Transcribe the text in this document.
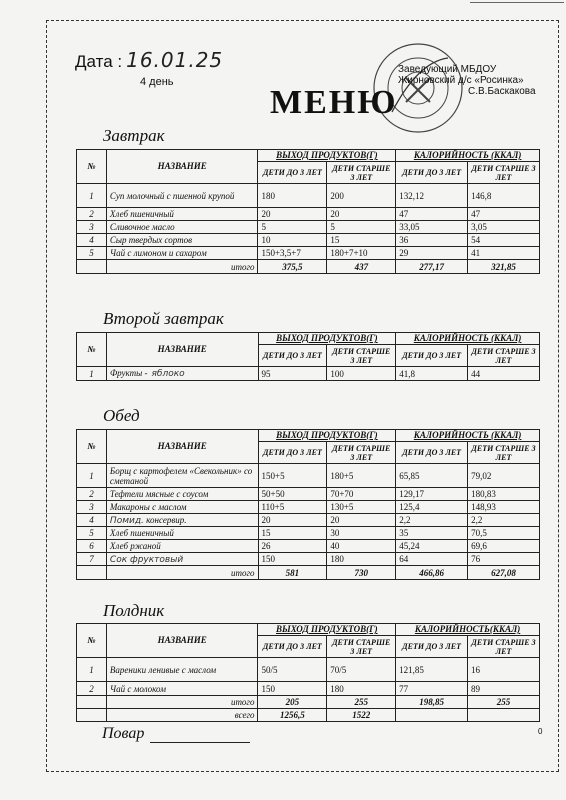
Дата : 16.01.25
4 день
МЕНЮ
Заведующий МБДОУ
Жирновский д/с «Росинка»
С.В.Баскакова
Завтрак
№	НАЗВАНИЕ	ВЫХОД ПРОДУКТОВ(Г)		КАЛОРИЙНОСТЬ (ККАЛ)	
		ДЕТИ ДО 3 ЛЕТ	ДЕТИ СТАРШЕ 3 ЛЕТ	ДЕТИ ДО 3 ЛЕТ	ДЕТИ СТАРШЕ 3 ЛЕТ
1	Суп молочный с пшенной крупой	180	200	132,12	146,8
2	Хлеб пшеничный	20	20	47	47
3	Сливочное масло	5	5	33,05	3,05
4	Сыр твердых сортов	10	15	36	54
5	Чай с лимоном и сахаром	150+3,5+7	180+7+10	29	41
	итого	375,5	437	277,17	321,85
Второй завтрак
№	НАЗВАНИЕ	ВЫХОД ПРОДУКТОВ(Г)		КАЛОРИЙНОСТЬ (ККАЛ)	
		ДЕТИ ДО 3 ЛЕТ	ДЕТИ СТАРШЕ 3 ЛЕТ	ДЕТИ ДО 3 ЛЕТ	ДЕТИ СТАРШЕ 3 ЛЕТ
1	Фрукты - яблоко	95	100	41,8	44
Обед
№	НАЗВАНИЕ	ВЫХОД ПРОДУКТОВ(Г)		КАЛОРИЙНОСТЬ (ККАЛ)	
		ДЕТИ ДО 3 ЛЕТ	ДЕТИ СТАРШЕ 3 ЛЕТ	ДЕТИ ДО 3 ЛЕТ	ДЕТИ СТАРШЕ 3 ЛЕТ
1	Борщ с картофелем «Свекольник» со сметаной	150+5	180+5	65,85	79,02
2	Тефтели мясные с соусом	50+50	70+70	129,17	180,83
3	Макароны с маслом	110+5	130+5	125,4	148,93
4	Помид. консервир.	20	20	2,2	2,2
5	Хлеб пшеничный	15	30	35	70,5
6	Хлеб ржаной	26	40	45,24	69,6
7	Сок фруктовый	150	180	64	76
	итого	581	730	466,86	627,08
Полдник
№	НАЗВАНИЕ	ВЫХОД ПРОДУКТОВ(Г)		КАЛОРИЙНОСТЬ(ККАЛ)	
		ДЕТИ ДО 3 ЛЕТ	ДЕТИ СТАРШЕ 3 ЛЕТ	ДЕТИ ДО 3 ЛЕТ	ДЕТИ СТАРШЕ 3 ЛЕТ
1	Вареники ленивые с маслом	50/5	70/5	121,85	16
2	Чай с молоком	150	180	77	89
	итого	205	255	198,85	255
	всего	1256,5	1522		
Повар	0
